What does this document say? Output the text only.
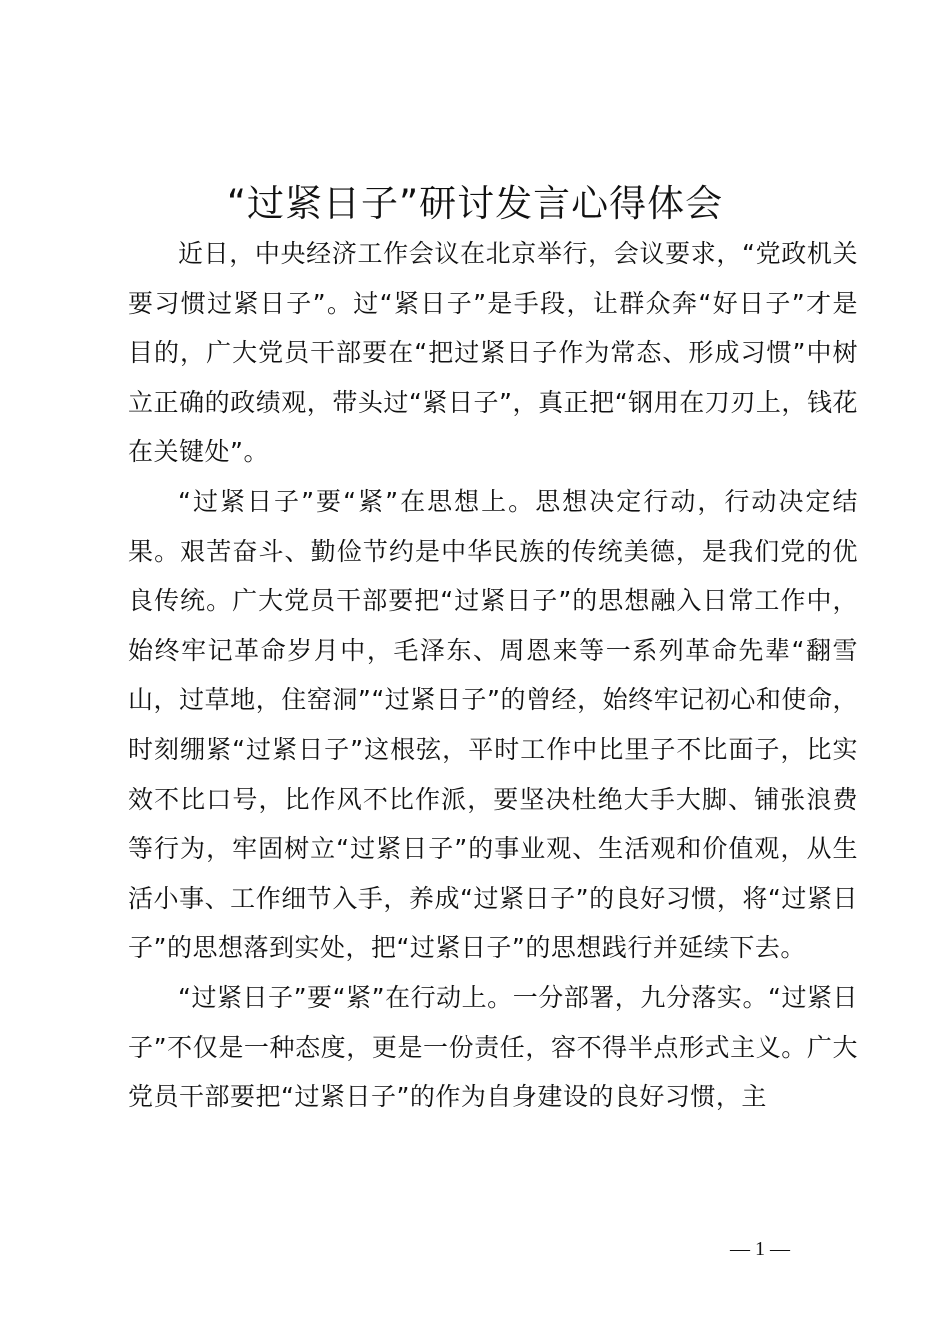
“过紧日子”研讨发言心得体会

近日，中央经济工作会议在北京举行，会议要求，“党政机关要习惯过紧日子”。过“紧日子”是手段，让群众奔“好日子”才是目的，广大党员干部要在“把过紧日子作为常态、形成习惯”中树立正确的政绩观，带头过“紧日子”，真正把“钢用在刀刃上，钱花在关键处”。

“过紧日子”要“紧”在思想上。思想决定行动，行动决定结果。艰苦奋斗、勤俭节约是中华民族的传统美德，是我们党的优良传统。广大党员干部要把“过紧日子”的思想融入日常工作中，始终牢记革命岁月中，毛泽东、周恩来等一系列革命先辈“翻雪山，过草地，住窑洞”“过紧日子”的曾经，始终牢记初心和使命，时刻绷紧“过紧日子”这根弦，平时工作中比里子不比面子，比实效不比口号，比作风不比作派，要坚决杜绝大手大脚、铺张浪费等行为，牢固树立“过紧日子”的事业观、生活观和价值观，从生活小事、工作细节入手，养成“过紧日子”的良好习惯，将“过紧日子”的思想落到实处，把“过紧日子”的思想践行并延续下去。

“过紧日子”要“紧”在行动上。一分部署，九分落实。“过紧日子”不仅是一种态度，更是一份责任，容不得半点形式主义。广大党员干部要把“过紧日子”的作为自身建设的良好习惯，主

— 1 —
